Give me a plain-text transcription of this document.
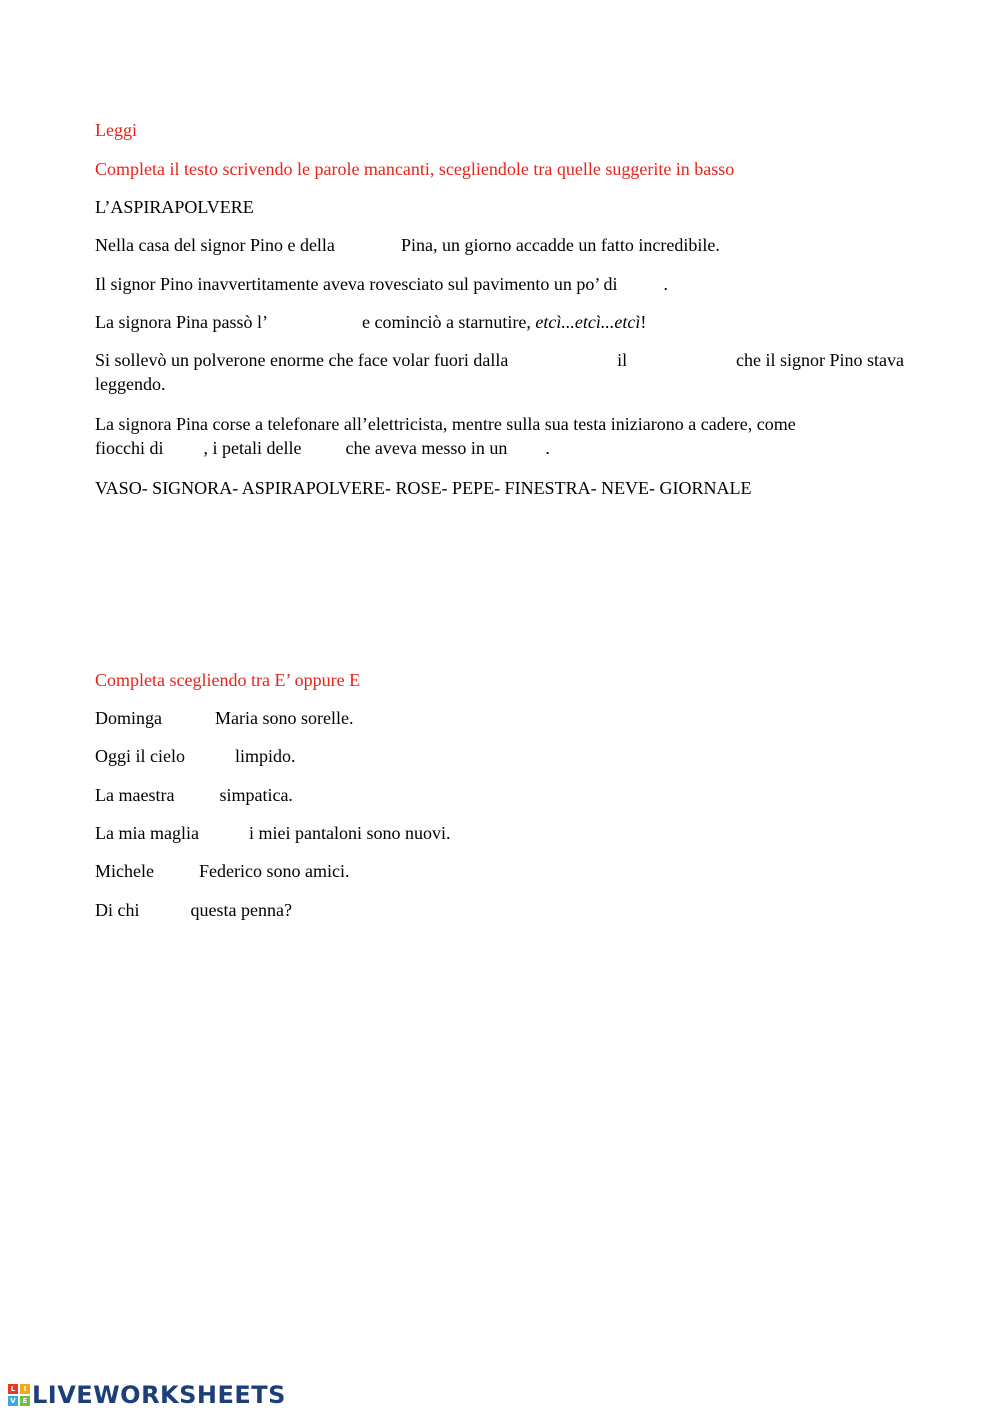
Leggi
Completa il testo scrivendo le parole mancanti, scegliendole tra quelle suggerite in basso
L’ASPIRAPOLVERE
Nella casa del signor Pino e della	Pina, un giorno accadde un fatto incredibile.
Il signor Pino inavvertitamente aveva rovesciato sul pavimento un po’ di	.
La signora Pina passò l’	e cominciò a starnutire, etcì...etcì...etcì!
Si sollevò un polverone enorme che face volar fuori dalla	il	che il signor Pino stava
leggendo.
La signora Pina corse a telefonare all’elettricista, mentre sulla sua testa iniziarono a cadere, come
fiocchi di , i petali delle che aveva messo in un .
VASO- SIGNORA- ASPIRAPOLVERE- ROSE- PEPE- FINESTRA- NEVE- GIORNALE
Completa scegliendo tra E’ oppure E
Dominga	Maria sono sorelle.
Oggi il cielo	limpido.
La maestra	simpatica.
La mia maglia	i miei pantaloni sono nuovi.
Michele	Federico sono amici.
Di chi	questa penna?
L	I
V E LIVEWORKSHEETS
